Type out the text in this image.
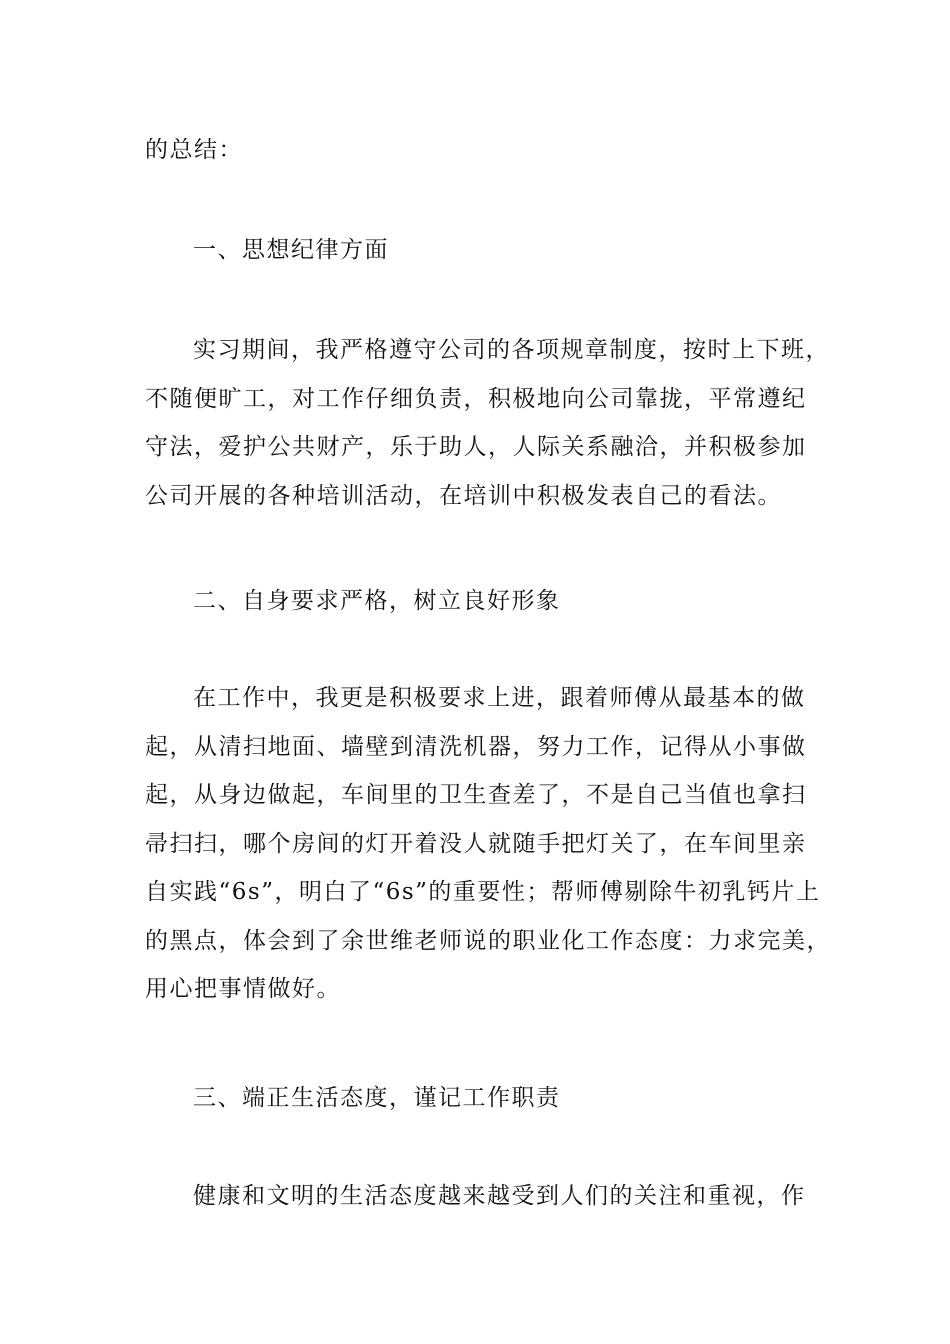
的总结：
一、思想纪律方面
实习期间，我严格遵守公司的各项规章制度，按时上下班，
不随便旷工，对工作仔细负责，积极地向公司靠拢，平常遵纪
守法，爱护公共财产，乐于助人，人际关系融洽，并积极参加
公司开展的各种培训活动，在培训中积极发表自己的看法。
二、自身要求严格，树立良好形象
在工作中，我更是积极要求上进，跟着师傅从最基本的做
起，从清扫地面、墙壁到清洗机器，努力工作，记得从小事做
起，从身边做起，车间里的卫生查差了，不是自己当值也拿扫
帚扫扫，哪个房间的灯开着没人就随手把灯关了，在车间里亲
自实践“6s”，明白了“6s”的重要性；帮师傅剔除牛初乳钙片上
的黑点，体会到了余世维老师说的职业化工作态度：力求完美，
用心把事情做好。
三、端正生活态度，谨记工作职责
健康和文明的生活态度越来越受到人们的关注和重视，作
